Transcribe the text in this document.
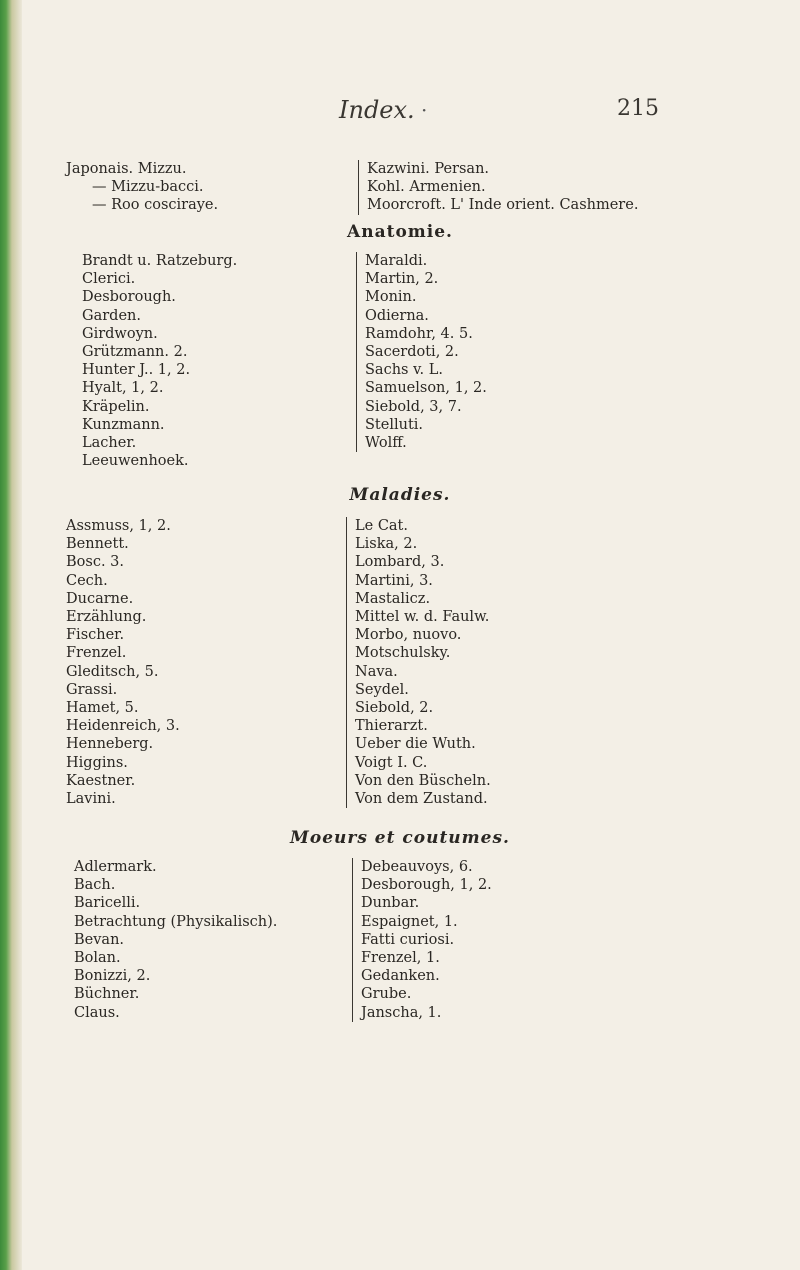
Index. ·	215
Japonais. Mizzu.
— Mizzu-bacci.
— Roo cosciraye.
Kazwini. Persan.
Kohl. Armenien.
Moorcroft. L' Inde orient. Cashmere.
Anatomie.
Brandt u. Ratzeburg.
Clerici.
Desborough.
Garden.
Girdwoyn.
Grützmann. 2.
Hunter J.. 1, 2.
Hyalt, 1, 2.
Kräpelin.
Kunzmann.
Lacher.
Leeuwenhoek.
Maraldi.
Martin, 2.
Monin.
Odierna.
Ramdohr, 4. 5.
Sacerdoti, 2.
Sachs v. L.
Samuelson, 1, 2.
Siebold, 3, 7.
Stelluti.
Wolff.
Maladies.
Assmuss, 1, 2.
Bennett.
Bosc. 3.
Cech.
Ducarne.
Erzählung.
Fischer.
Frenzel.
Gleditsch, 5.
Grassi.
Hamet, 5.
Heidenreich, 3.
Henneberg.
Higgins.
Kaestner.
Lavini.
Le Cat.
Liska, 2.
Lombard, 3.
Martini, 3.
Mastalicz.
Mittel w. d. Faulw.
Morbo, nuovo.
Motschulsky.
Nava.
Seydel.
Siebold, 2.
Thierarzt.
Ueber die Wuth.
Voigt I. C.
Von den Büscheln.
Von dem Zustand.
Moeurs et coutumes.
Adlermark.
Bach.
Baricelli.
Betrachtung (Physikalisch).
Bevan.
Bolan.
Bonizzi, 2.
Büchner.
Claus.
Debeauvoys, 6.
Desborough, 1, 2.
Dunbar.
Espaignet, 1.
Fatti curiosi.
Frenzel, 1.
Gedanken.
Grube.
Janscha, 1.
